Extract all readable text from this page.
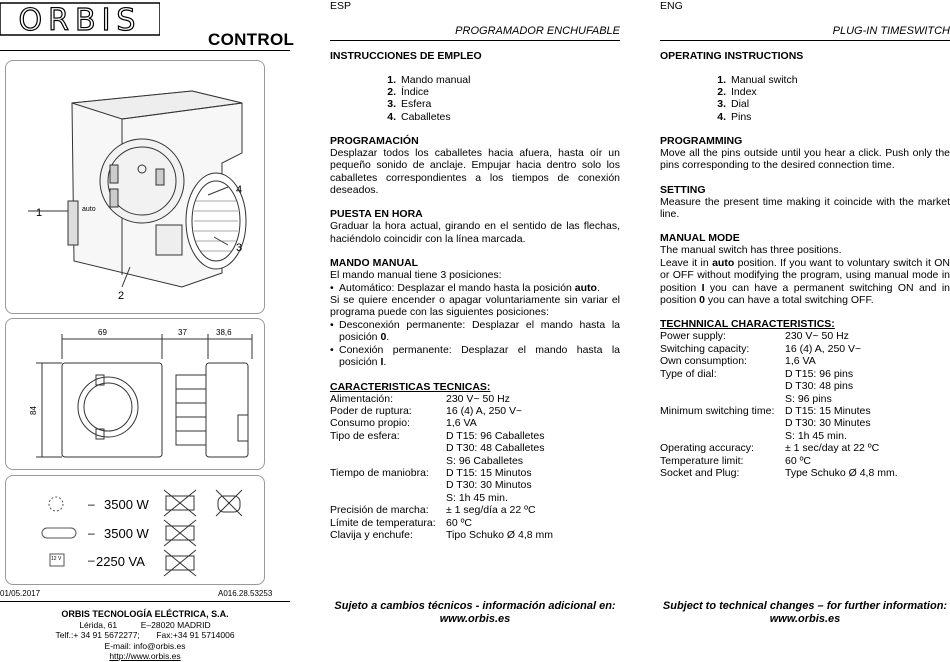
ORBIS
CONTROL
auto
1
2
3
4
69	37	38,6
84
12 V
– 3500 W
– 3500 W
– 2250 VA
01/05.2017	A016.28.53253
ORBIS TECNOLOGÍA ELÉCTRICA, S.A.
Lérida, 61	E–28020 MADRID
Telf.:+ 34 91 5672277; Fax:+34 91 5714006
E-mail: info@orbis.es
http://www.orbis.es
ESP
PROGRAMADOR ENCHUFABLE

INSTRUCCIONES DE EMPLEO

1. Mando manual
2. Índice
3. Esfera
4. Caballetes

PROGRAMACIÓN

Desplazar todos los caballetes hacia afuera, hasta oír un pequeño sonido de anclaje. Empujar hacia dentro solo los caballetes correspondientes a los tiempos de conexión deseados.

PUESTA EN HORA

Graduar la hora actual, girando en el sentido de las flechas, haciéndolo coincidir con la línea marcada.

MANDO MANUAL

El mando manual tiene 3 posiciones:

• Automático: Desplazar el mando hasta la posición auto.

Si se quiere encender o apagar voluntariamente sin variar el programa puede con las siguientes posiciones:

• Desconexión permanente: Desplazar el mando hasta la posición 0.
• Conexión permanente: Desplazar el mando hasta la posición I.

CARACTERISTICAS TECNICAS:

Alimentación:	230 V~ 50 Hz
Poder de ruptura:	16 (4) A, 250 V~
Consumo propio:	1,6 VA
Tipo de esfera:	D T15: 96 Caballetes
	D T30: 48 Caballetes
	S: 96 Caballetes
Tiempo de maniobra:	D T15: 15 Minutos
	D T30: 30 Minutos
	S: 1h 45 min.
Precisión de marcha:	± 1 seg/día a 22 ºC
Límite de temperatura:	60 ºC
Clavija y enchufe:	Tipo Schuko Ø 4,8 mm
Sujeto a cambios técnicos - información adicional en:
www.orbis.es
ENG
PLUG-IN TIMESWITCH

OPERATING INSTRUCTIONS

1. Manual switch
2. Index
3. Dial
4. Pins

PROGRAMMING

Move all the pins outside until you hear a click. Push only the pins corresponding to the desired connection time.

SETTING

Measure the present time making it coincide with the market line.

MANUAL MODE

The manual switch has three positions.

Leave it in auto position. If you want to voluntary switch it ON or OFF without modifying the program, using manual mode in position I you can have a permanent switching ON and in position 0 you can have a total switching OFF.

TECHNNICAL CHARACTERISTICS:

Power supply:	230 V~ 50 Hz
Switching capacity:	16 (4) A, 250 V~
Own consumption:	1,6 VA
Type of dial:	D T15: 96 pins
	D T30: 48 pins
	S: 96 pins
Minimum switching time:	D T15: 15 Minutes
	D T30: 30 Minutes
	S: 1h 45 min.
Operating accuracy:	± 1 sec/day at 22 ºC
Temperature limit:	60 ºC
Socket and Plug:	Type Schuko Ø 4,8 mm.
Subject to technical changes – for further information:
www.orbis.es
